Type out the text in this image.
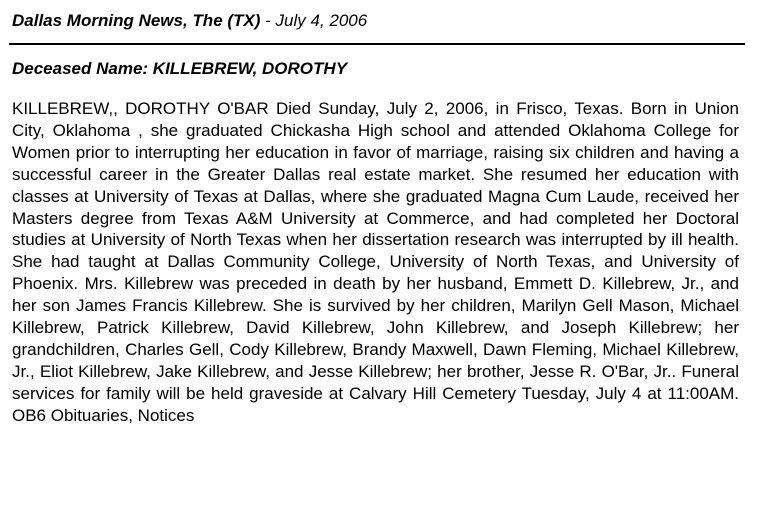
Dallas Morning News, The (TX) - July 4, 2006
Deceased Name: KILLEBREW, DOROTHY
KILLEBREW,, DOROTHY O'BAR Died Sunday, July 2, 2006, in Frisco, Texas. Born in Union City, Oklahoma , she graduated Chickasha High school and attended Oklahoma College for Women prior to interrupting her education in favor of marriage, raising six children and having a successful career in the Greater Dallas real estate market. She resumed her education with classes at University of Texas at Dallas, where she graduated Magna Cum Laude, received her Masters degree from Texas A&M University at Commerce, and had completed her Doctoral studies at University of North Texas when her dissertation research was interrupted by ill health. She had taught at Dallas Community College, University of North Texas, and University of Phoenix. Mrs. Killebrew was preceded in death by her husband, Emmett D. Killebrew, Jr., and her son James Francis Killebrew. She is survived by her children, Marilyn Gell Mason, Michael Killebrew, Patrick Killebrew, David Killebrew, John Killebrew, and Joseph Killebrew; her grandchildren, Charles Gell, Cody Killebrew, Brandy Maxwell, Dawn Fleming, Michael Killebrew, Jr., Eliot Killebrew, Jake Killebrew, and Jesse Killebrew; her brother, Jesse R. O'Bar, Jr.. Funeral services for family will be held graveside at Calvary Hill Cemetery Tuesday, July 4 at 11:00AM. OB6 Obituaries, Notices
